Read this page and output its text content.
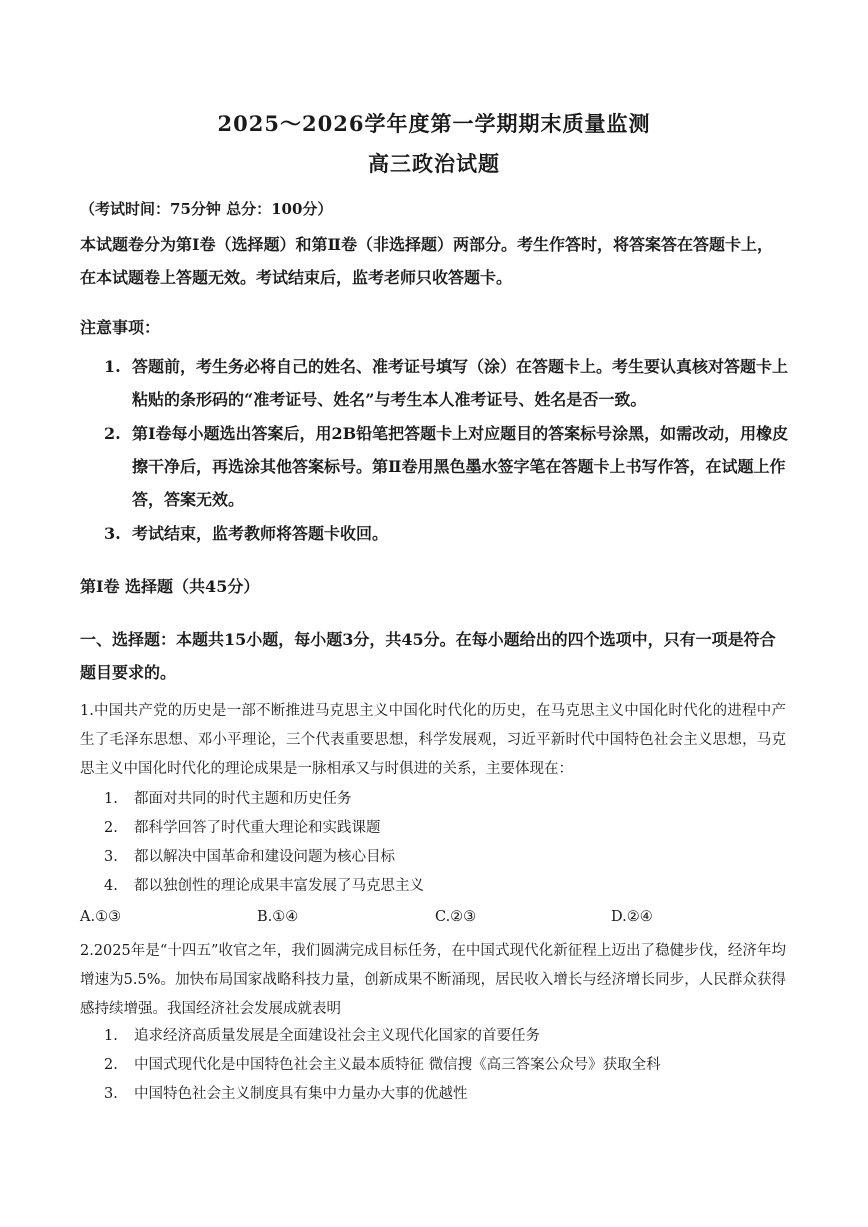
2025～2026学年度第一学期期末质量监测
高三政治试题
（考试时间：75分钟 总分：100分）
本试题卷分为第Ⅰ卷（选择题）和第Ⅱ卷（非选择题）两部分。考生作答时，将答案答在答题卡上，在本试题卷上答题无效。考试结束后，监考老师只收答题卡。
注意事项：
1. 答题前，考生务必将自己的姓名、准考证号填写（涂）在答题卡上。考生要认真核对答题卡上粘贴的条形码的“准考证号、姓名”与考生本人准考证号、姓名是否一致。
2. 第Ⅰ卷每小题选出答案后，用2B铅笔把答题卡上对应题目的答案标号涂黑，如需改动，用橡皮擦干净后，再选涂其他答案标号。第Ⅱ卷用黑色墨水签字笔在答题卡上书写作答，在试题上作答，答案无效。
3. 考试结束，监考教师将答题卡收回。
第Ⅰ卷 选择题（共45分）
一、选择题：本题共15小题，每小题3分，共45分。在每小题给出的四个选项中，只有一项是符合题目要求的。
1.中国共产党的历史是一部不断推进马克思主义中国化时代化的历史，在马克思主义中国化时代化的进程中产生了毛泽东思想、邓小平理论，三个代表重要思想，科学发展观，习近平新时代中国特色社会主义思想，马克思主义中国化时代化的理论成果是一脉相承又与时俱进的关系，主要体现在：
1. 都面对共同的时代主题和历史任务
2. 都科学回答了时代重大理论和实践课题
3. 都以解决中国革命和建设问题为核心目标
4. 都以独创性的理论成果丰富发展了马克思主义
A.①③	B.①④	C.②③	D.②④
2.2025年是“十四五”收官之年，我们圆满完成目标任务，在中国式现代化新征程上迈出了稳健步伐，经济年均增速为5.5%。加快布局国家战略科技力量，创新成果不断涌现，居民收入增长与经济增长同步，人民群众获得感持续增强。我国经济社会发展成就表明
1. 追求经济高质量发展是全面建设社会主义现代化国家的首要任务
2. 中国式现代化是中国特色社会主义最本质特征 微信搜《高三答案公众号》获取全科
3. 中国特色社会主义制度具有集中力量办大事的优越性
